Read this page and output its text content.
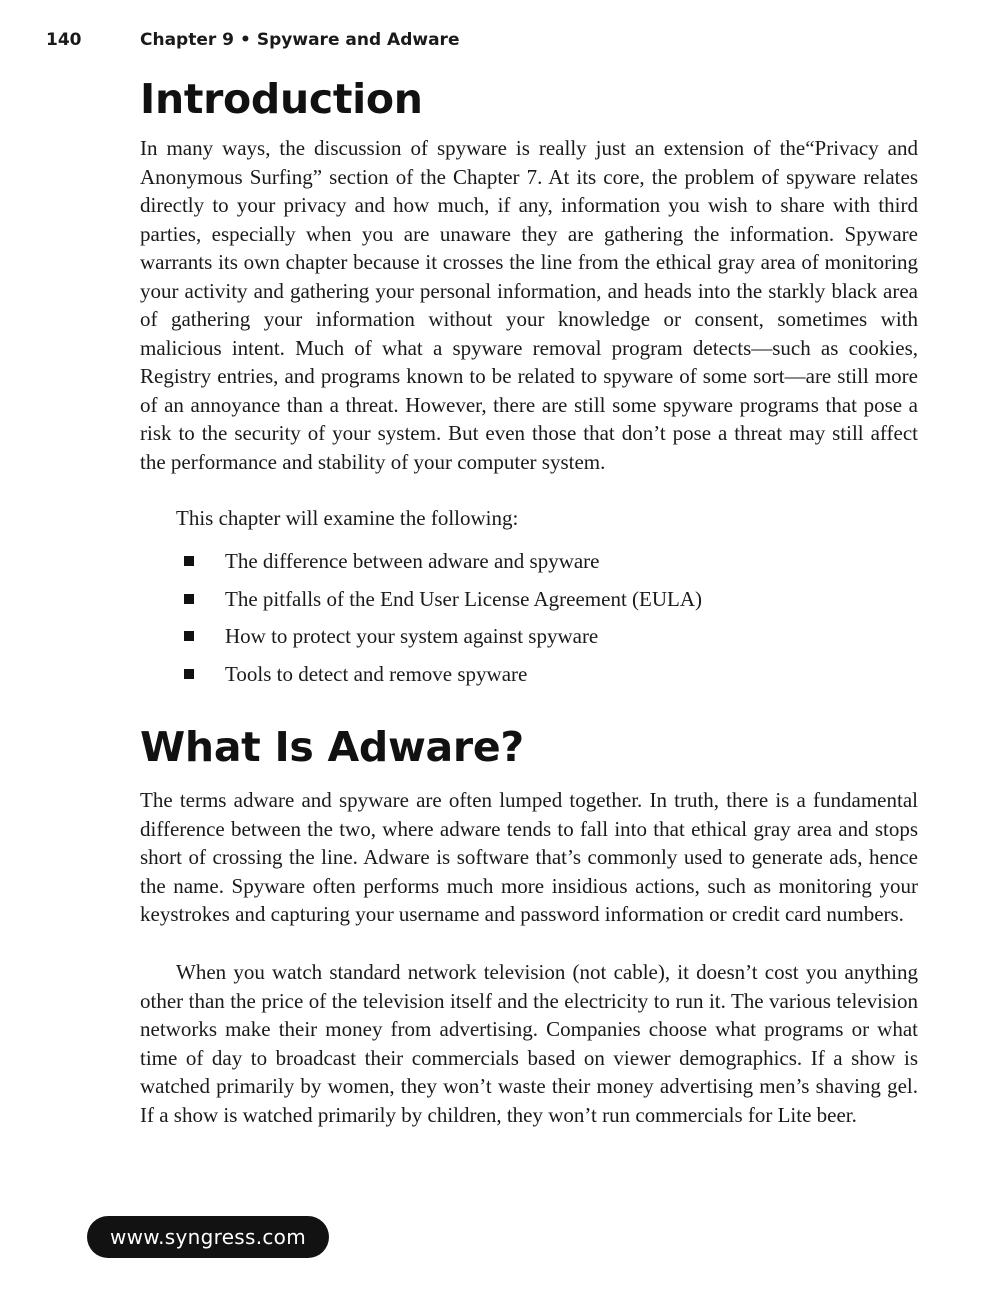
140	Chapter 9 • Spyware and Adware
Introduction

In many ways, the discussion of spyware is really just an extension of the“Privacy and Anonymous Surfing” section of the Chapter 7. At its core, the problem of spyware relates directly to your privacy and how much, if any, information you wish to share with third parties, especially when you are unaware they are gathering the information. Spyware warrants its own chapter because it crosses the line from the ethical gray area of monitoring your activity and gathering your personal information, and heads into the starkly black area of gathering your information without your knowledge or consent, sometimes with malicious intent. Much of what a spyware removal program detects—such as cookies, Registry entries, and programs known to be related to spyware of some sort—are still more of an annoyance than a threat. However, there are still some spyware programs that pose a risk to the security of your system. But even those that don’t pose a threat may still affect the performance and stability of your computer system.

This chapter will examine the following:

The difference between adware and spyware
The pitfalls of the End User License Agreement (EULA)
How to protect your system against spyware
Tools to detect and remove spyware
What Is Adware?

The terms adware and spyware are often lumped together. In truth, there is a fundamental difference between the two, where adware tends to fall into that ethical gray area and stops short of crossing the line. Adware is software that’s commonly used to generate ads, hence the name. Spyware often performs much more insidious actions, such as monitoring your keystrokes and capturing your username and password information or credit card numbers.

When you watch standard network television (not cable), it doesn’t cost you anything other than the price of the television itself and the electricity to run it. The various television networks make their money from advertising. Companies choose what programs or what time of day to broadcast their commercials based on viewer demographics. If a show is watched primarily by women, they won’t waste their money advertising men’s shaving gel. If a show is watched primarily by children, they won’t run commercials for Lite beer.

www.syngress.com
